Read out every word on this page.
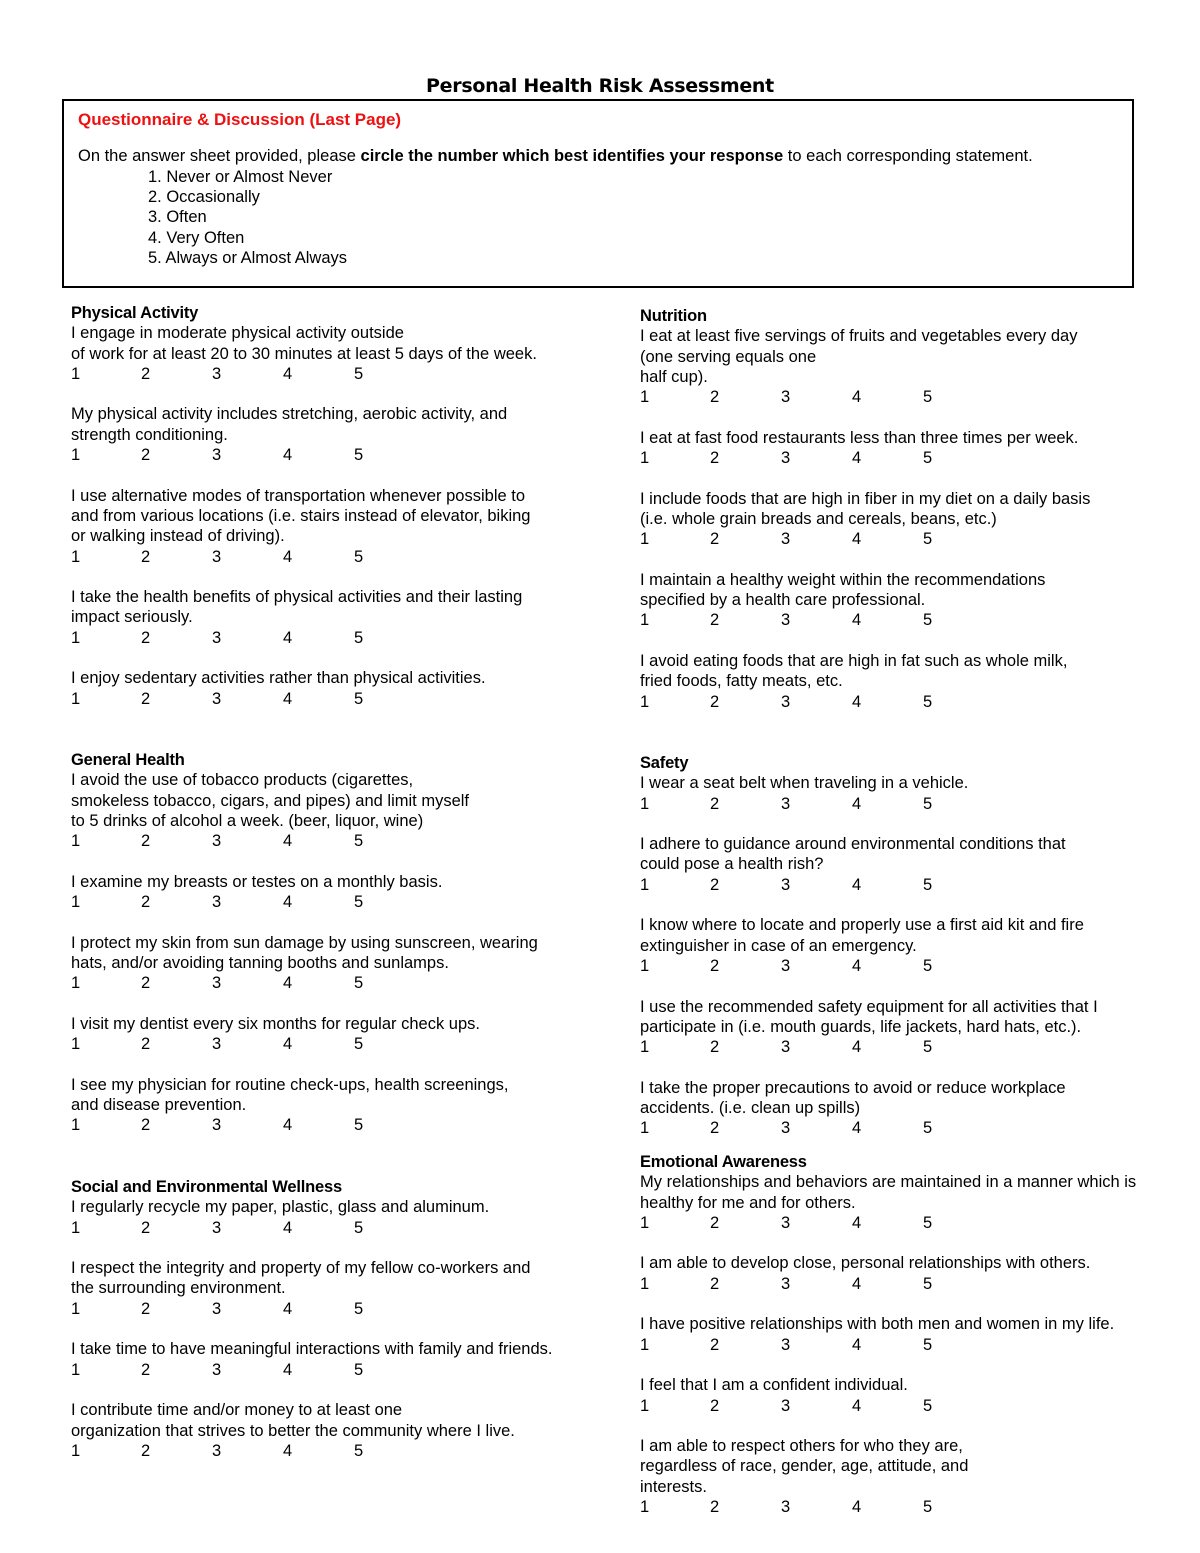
Personal Health Risk Assessment
Questionnaire & Discussion (Last Page)
On the answer sheet provided, please circle the number which best identifies your response to each corresponding statement.
1. Never or Almost Never
2. Occasionally
3. Often
4. Very Often
5. Always or Almost Always
Physical Activity
I engage in moderate physical activity outside
of work for at least 20 to 30 minutes at least 5 days of the week.
1	2	3	4	5
My physical activity includes stretching, aerobic activity, and
strength conditioning.
1	2	3	4	5
I use alternative modes of transportation whenever possible to
and from various locations (i.e. stairs instead of elevator, biking
or walking instead of driving).
1	2	3	4	5
I take the health benefits of physical activities and their lasting
impact seriously.
1	2	3	4	5
I enjoy sedentary activities rather than physical activities.
1	2	3	4	5
General Health
I avoid the use of tobacco products (cigarettes,
smokeless tobacco, cigars, and pipes) and limit myself
to 5 drinks of alcohol a week. (beer, liquor, wine)
1	2	3	4	5
I examine my breasts or testes on a monthly basis.
1	2	3	4	5
I protect my skin from sun damage by using sunscreen, wearing
hats, and/or avoiding tanning booths and sunlamps.
1	2	3	4	5
I visit my dentist every six months for regular check ups.
1	2	3	4	5
I see my physician for routine check-ups, health screenings,
and disease prevention.
1	2	3	4	5
Social and Environmental Wellness
I regularly recycle my paper, plastic, glass and aluminum.
1	2	3	4	5
I respect the integrity and property of my fellow co-workers and
the surrounding environment.
1	2	3	4	5
I take time to have meaningful interactions with family and friends.
1	2	3	4	5
I contribute time and/or money to at least one
organization that strives to better the community where I live.
1	2	3	4	5
Nutrition
I eat at least five servings of fruits and vegetables every day
(one serving equals one
half cup).
1	2	3	4	5
I eat at fast food restaurants less than three times per week.
1	2	3	4	5
I include foods that are high in fiber in my diet on a daily basis
(i.e. whole grain breads and cereals, beans, etc.)
1	2	3	4	5
I maintain a healthy weight within the recommendations
specified by a health care professional.
1	2	3	4	5
I avoid eating foods that are high in fat such as whole milk,
fried foods, fatty meats, etc.
1	2	3	4	5
Safety
I wear a seat belt when traveling in a vehicle.
1	2	3	4	5
I adhere to guidance around environmental conditions that
could pose a health rish?
1	2	3	4	5
I know where to locate and properly use a first aid kit and fire
extinguisher in case of an emergency.
1	2	3	4	5
I use the recommended safety equipment for all activities that I
participate in (i.e. mouth guards, life jackets, hard hats, etc.).
1	2	3	4	5
I take the proper precautions to avoid or reduce workplace
accidents. (i.e. clean up spills)
1	2	3	4	5
Emotional Awareness
My relationships and behaviors are maintained in a manner which is
healthy for me and for others.
1	2	3	4	5
I am able to develop close, personal relationships with others.
1	2	3	4	5
I have positive relationships with both men and women in my life.
1	2	3	4	5
I feel that I am a confident individual.
1	2	3	4	5
I am able to respect others for who they are,
regardless of race, gender, age, attitude, and
interests.
1	2	3	4	5
